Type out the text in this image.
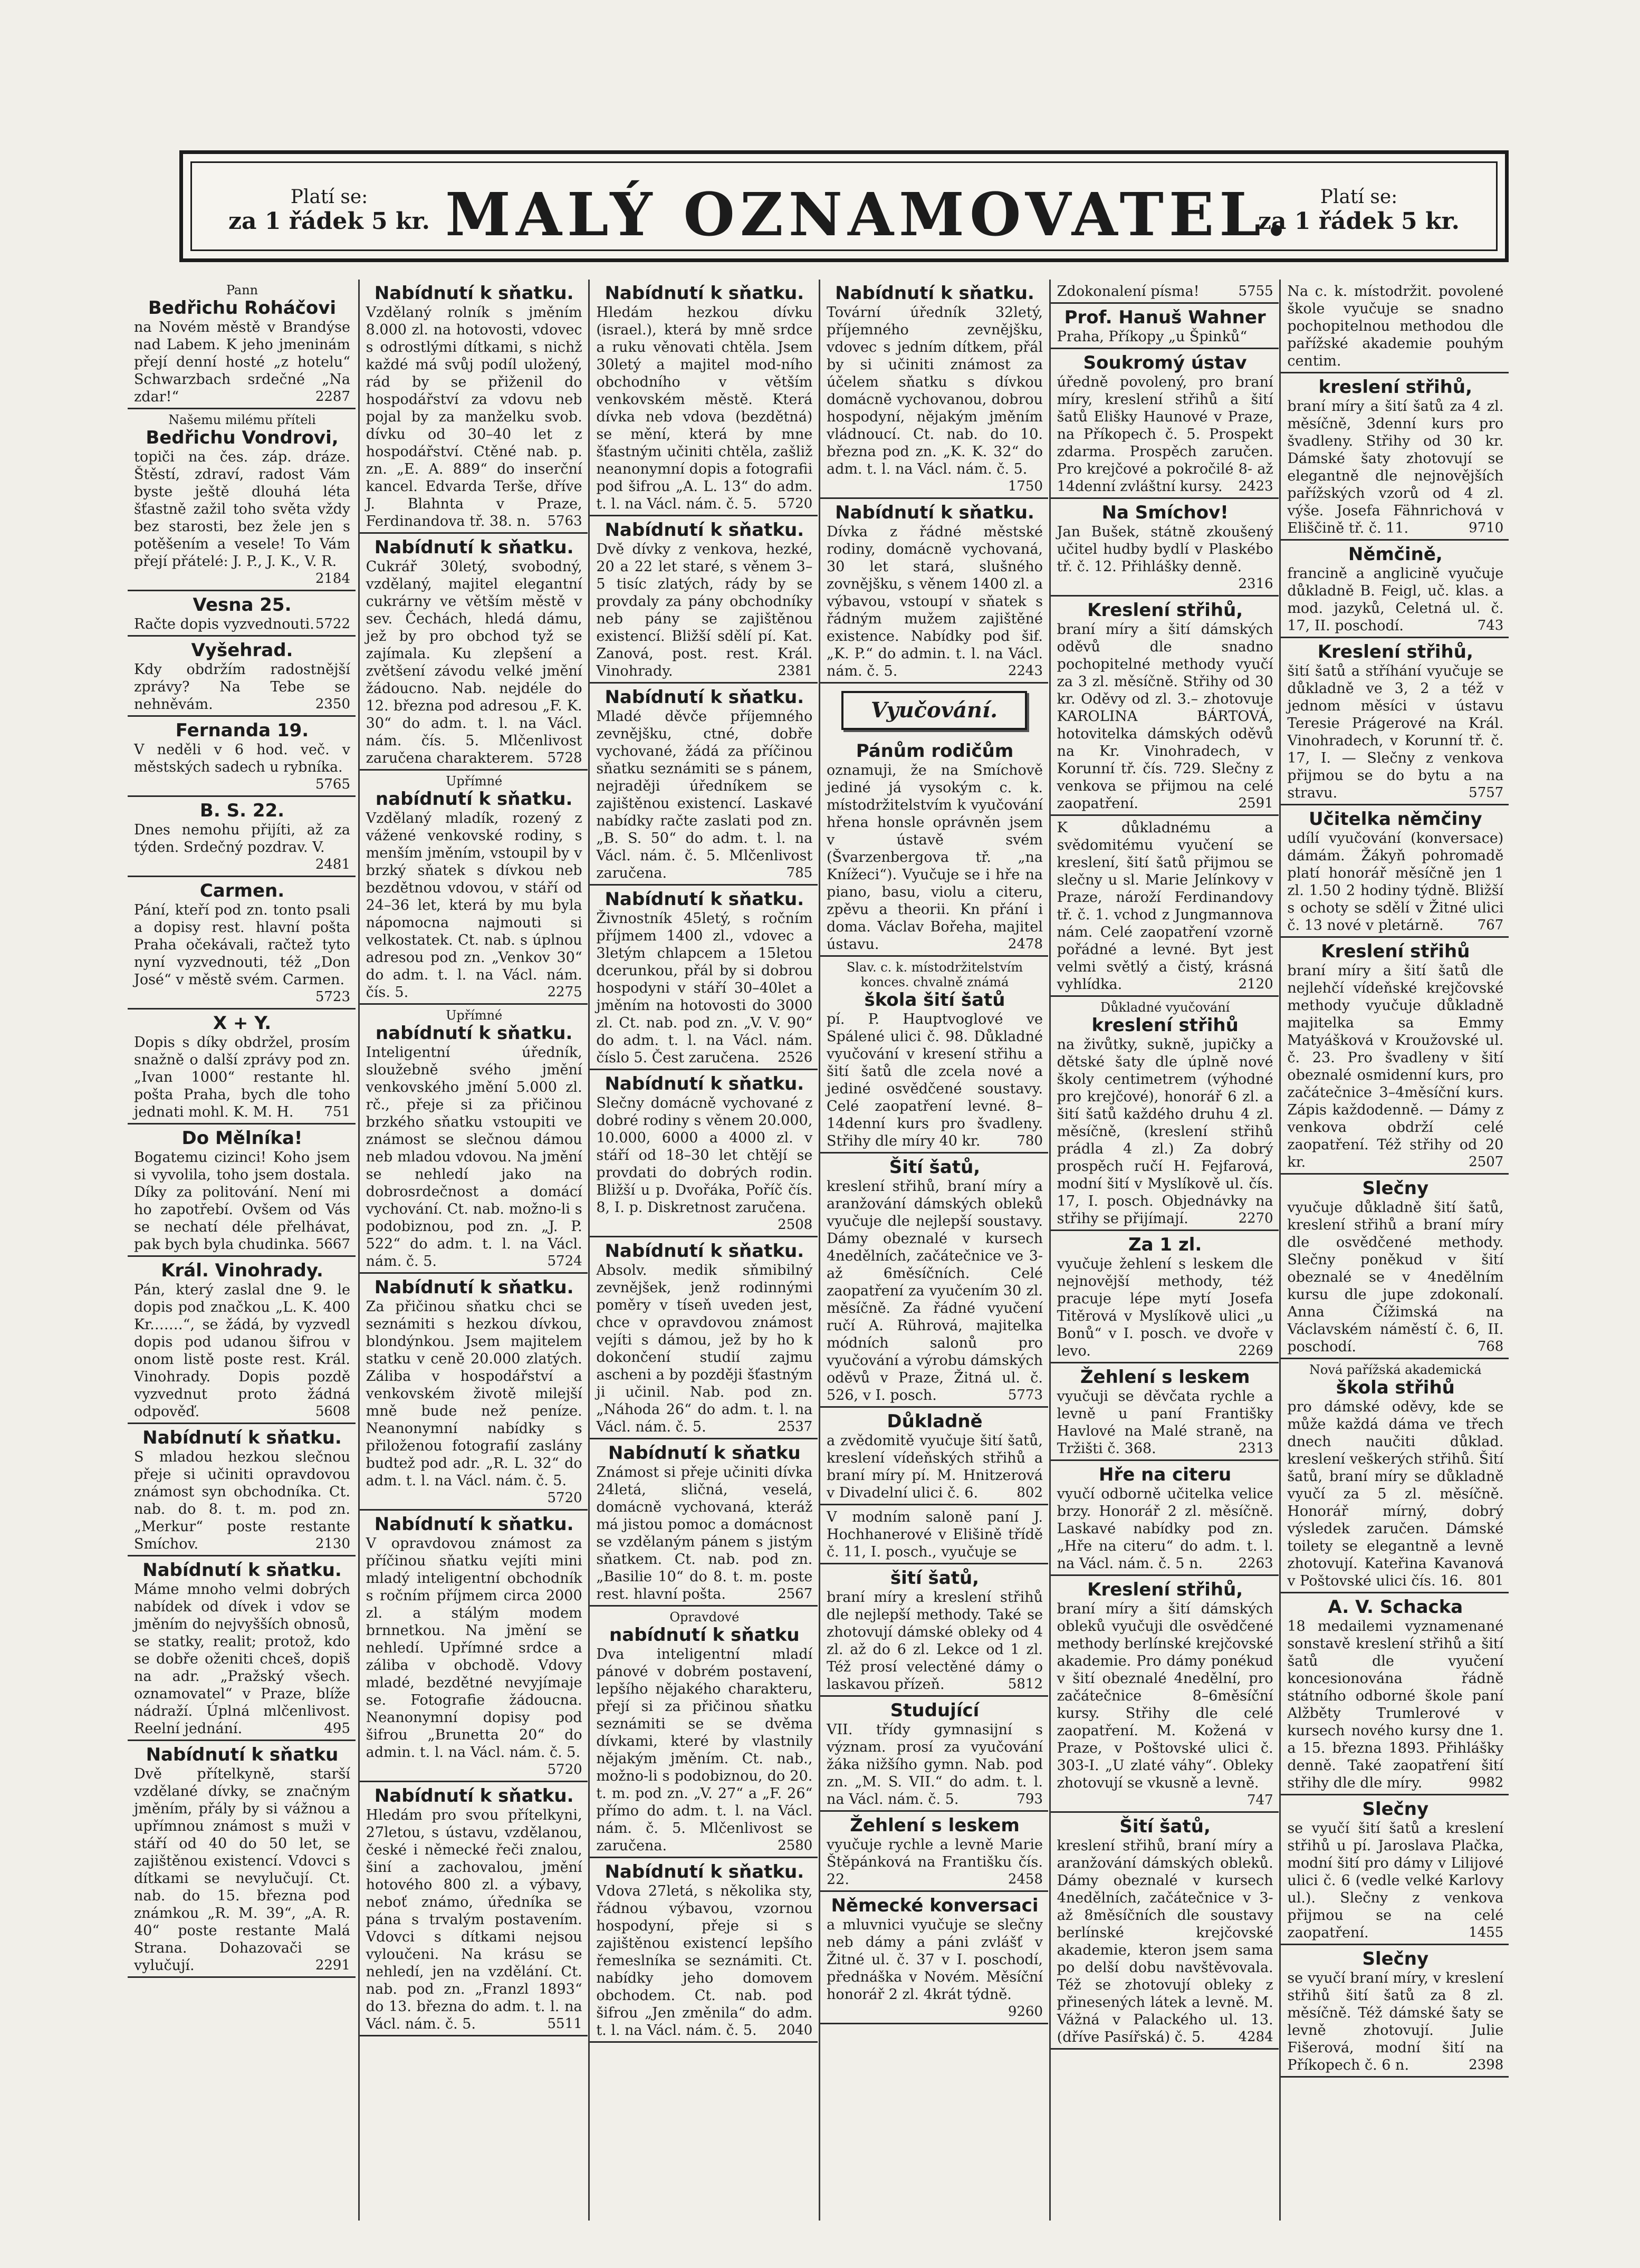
Platí se:
za 1 řádek 5 kr. MALÝ OZNAMOVATEL.	Platí se:
za 1 řádek 5 kr.
Pann
Bedřichu Roháčovi
na Novém městě v Brandýse nad Labem. K jeho jmeninám přejí denní hosté „z hotelu“ Schwarzbach srdečné „Na zdar!“	2287
Našemu milému příteli
Bedřichu Vondrovi,
topiči na čes. záp. dráze. Štěstí, zdraví, radost Vám byste ještě dlouhá léta šťastně zažil toho světa vždy bez starosti, bez žele jen s potěšením a vesele! To Vám přejí přátelé: J. P., J. K., V. R.
2184
Vesna 25.
Račte dopis vyzvednouti. 5722
Vyšehrad.
Kdy obdržím radostnější zprávy? Na Tebe se nehněvám.	2350
Fernanda 19.
V neděli v 6 hod. več. v městských sadech u rybníka.
5765
B. S. 22.
Dnes nemohu přijíti, až za týden. Srdečný pozdrav. V.
2481
Carmen.
Pání, kteří pod zn. tonto psali a dopisy rest. hlavní pošta Praha očekávali, račtež tyto nyní vyzvednouti, též „Don José“ v městě svém. Carmen.
5723
X + Y.
Dopis s díky obdržel, prosím snažně o další zprávy pod zn. „Ivan 1000“ restante hl. pošta Praha, bych dle toho jednati mohl. K. M. H. 751
Do Mělníka!
Bogatemu cizinci! Koho jsem si vyvolila, toho jsem dostala. Díky za politování. Není mi ho zapotřebí. Ovšem od Vás se nechatí déle přelhávat, pak bych byla chudinka. 5667
Král. Vinohrady.
Pán, který zaslal dne 9. le dopis pod značkou „L. K. 400 Kr.……“, se žádá, by vyzvedl dopis pod udanou šifrou v onom listě poste rest. Král. Vinohrady. Dopis pozdě vyzvednut proto žádná odpověď.	5608
Nabídnutí k sňatku.
S mladou hezkou slečnou přeje si učiniti opravdovou známost syn obchodníka. Ct. nab. do 8. t. m. pod zn. „Merkur“ poste restante Smíchov.	2130
Nabídnutí k sňatku.
Máme mnoho velmi dobrých nabídek od dívek i vdov se jměním do nejvyšších obnosů, se statky, realit; protož, kdo se dobře oženiti chceš, dopiš na adr. „Pražský všech. oznamovatel“ v Praze, blíže nádraží. Úplná mlčenlivost. Reelní jednání.	495
Nabídnutí k sňatku
Dvě přítelkyně, starší vzdělané dívky, se značným jměním, přály by si vážnou a upřímnou známost s muži v stáří od 40 do 50 let, se zajištěnou existencí. Vdovci s dítkami se nevylučují. Ct. nab. do 15. března pod známkou „R. M. 39“, „A. R. 40“ poste restante Malá Strana. Dohazovači se vylučují.	2291
Nabídnutí k sňatku.
Vzdělaný rolník s jměním 8.000 zl. na hotovosti, vdovec s odrostlými dítkami, s nichž každé má svůj podíl uložený, rád by se přiženil do hospodářství za vdovu neb pojal by za manželku svob. dívku od 30–40 let z hospodářství. Ctěné nab. p. zn. „E. A. 889“ do inserční kancel. Edvarda Terše, dříve J. Blahnta v Praze, Ferdinandova tř. 38. n. 5763
Nabídnutí k sňatku.
Cukrář 30letý, svobodný, vzdělaný, majitel elegantní cukrárny ve větším městě v sev. Čechách, hledá dámu, jež by pro obchod tyž se zajímala. Ku zlepšení a zvětšení závodu velké jmění žádoucno. Nab. nejdéle do 12. března pod adresou „F. K. 30“ do adm. t. l. na Václ. nám. čís. 5. Mlčenlivost zaručena charakterem. 5728
Upřímné
nabídnutí k sňatku.
Vzdělaný mladík, rozený z vážené venkovské rodiny, s menším jměním, vstoupil by v brzký sňatek s dívkou neb bezdětnou vdovou, v stáří od 24–36 let, která by mu byla nápomocna najmouti si velkostatek. Ct. nab. s úplnou adresou pod zn. „Venkov 30“ do adm. t. l. na Václ. nám. čís. 5.	2275
Upřímné
nabídnutí k sňatku.
Inteligentní úředník, sloužebně svého jmění venkovského jmění 5.000 zl. rč., přeje si za přičinou brzkého sňatku vstoupiti ve známost se slečnou dámou neb mladou vdovou. Na jmění se nehledí jako na dobrosrdečnost a domácí vychování. Ct. nab. možno-li s podobiznou, pod zn. „J. P. 522“ do adm. t. l. na Václ. nám. č. 5.	5724
Nabídnutí k sňatku.
Za přičinou sňatku chci se seznámiti s hezkou dívkou, blondýnkou. Jsem majitelem statku v ceně 20.000 zlatých. Záliba v hospodářství a venkovském životě milejší mně bude než peníze. Neanonymní nabídky s přiloženou fotografií zaslány budtež pod adr. „R. L. 32“ do adm. t. l. na Václ. nám. č. 5.
5720
Nabídnutí k sňatku.
V opravdovou známost za příčinou sňatku vejíti mini mladý inteligentní obchodník s ročním příjmem circa 2000 zl. a stálým modem brnnetkou. Na jmění se nehledí. Upřímné srdce a záliba v obchodě. Vdovy mladé, bezdětné nevyjímaje se. Fotografie žádoucna. Neanonymní dopisy pod šifrou „Brunetta 20“ do admin. t. l. na Václ. nám. č. 5.
5720
Nabídnutí k sňatku.
Hledám pro svou přítelkyni, 27letou, s ústavu, vzdělanou, české i německé řeči znalou, šiní a zachovalou, jmění hotového 800 zl. a výbavy, neboť známo, úředníka se pána s trvalým postavením. Vdovci s dítkami nejsou vyloučeni. Na krásu se nehledí, jen na vzdělání. Ct. nab. pod zn. „Franzl 1893“ do 13. března do adm. t. l. na Václ. nám. č. 5.	5511
Nabídnutí k sňatku.
Hledám hezkou dívku (israel.), která by mně srdce a ruku věnovati chtěla. Jsem 30letý a majitel mod-ního obchodního v větším venkovském městě. Která dívka neb vdova (bezdětná) se mění, která by mne šťastným učiniti chtěla, zašliž neanonymní dopis a fotografii pod šifrou „A. L. 13“ do adm. t. l. na Václ. nám. č. 5. 5720
Nabídnutí k sňatku.
Dvě dívky z venkova, hezké, 20 a 22 let staré, s věnem 3–5 tisíc zlatých, rády by se provdaly za pány obchodníky neb pány se zajištěnou existencí. Bližší sdělí pí. Kat. Zanová, post. rest. Král. Vinohrady.	2381
Nabídnutí k sňatku.
Mladé děvče příjemného zevnějšku, ctné, dobře vychované, žádá za příčinou sňatku seznámiti se s pánem, nejraději úředníkem se zajištěnou existencí. Laskavé nabídky račte zaslati pod zn. „B. S. 50“ do adm. t. l. na Václ. nám. č. 5. Mlčenlivost zaručena.	785
Nabídnutí k sňatku.
Živnostník 45letý, s ročním příjmem 1400 zl., vdovec a 3letým chlapcem a 15letou dcerunkou, přál by si dobrou hospodyni v stáří 30–40let a jměním na hotovosti do 3000 zl. Ct. nab. pod zn. „V. V. 90“ do adm. t. l. na Václ. nám. číslo 5. Čest zaručena. 2526
Nabídnutí k sňatku.
Slečny domácně vychované z dobré rodiny s věnem 20.000, 10.000, 6000 a 4000 zl. v stáří od 18–30 let chtějí se provdati do dobrých rodin. Bližší u p. Dvořáka, Poříč čís. 8, I. p. Diskretnost zaručena.
2508
Nabídnutí k sňatku.
Absolv. medik sňmibilný zevnějšek, jenž rodinnými poměry v tíseň uveden jest, chce v opravdovou známost vejíti s dámou, jež by ho k dokončení studií zajmu ascheni a by později šťastným ji učinil. Nab. pod zn. „Náhoda 26“ do adm. t. l. na Václ. nám. č. 5.	2537
Nabídnutí k sňatku
Známost si přeje učiniti dívka 24letá, sličná, veselá, domácně vychovaná, kteráž má jistou pomoc a domácnost se vzdělaným pánem s jistým sňatkem. Ct. nab. pod zn. „Basilie 10“ do 8. t. m. poste rest. hlavní pošta.	2567
Opravdové
nabídnutí k sňatku
Dva inteligentní mladí pánové v dobrém postavení, lepšího nějakého charakteru, přejí si za přičinou sňatku seznámiti se se dvěma dívkami, které by vlastnily nějakým jměním. Ct. nab., možno-li s podobiznou, do 20. t. m. pod zn. „V. 27“ a „F. 26“ přímo do adm. t. l. na Václ. nám. č. 5. Mlčenlivost se zaručena.	2580
Nabídnutí k sňatku.
Vdova 27letá, s několika sty, řádnou výbavou, vzornou hospodyní, přeje si s zajištěnou existencí lepšího řemeslníka se seznámiti. Ct. nabídky jeho domovem obchodem. Ct. nab. pod šifrou „Jen změnila“ do adm. t. l. na Václ. nám. č. 5. 2040
Nabídnutí k sňatku.
Tovární úředník 32letý, příjemného zevnějšku, vdovec s jedním dítkem, přál by si učiniti známost za účelem sňatku s dívkou domácně vychovanou, dobrou hospodyní, nějakým jměním vládnoucí. Ct. nab. do 10. března pod zn. „K. K. 32“ do adm. t. l. na Václ. nám. č. 5.
1750
Nabídnutí k sňatku.
Dívka z řádné městské rodiny, domácně vychovaná, 30 let stará, slušného zovnějšku, s věnem 1400 zl. a výbavou, vstoupí v sňatek s řádným mužem zajištěné existence. Nabídky pod šif. „K. P.“ do admin. t. l. na Václ. nám. č. 5.	2243
Vyučování.
Pánům rodičům
oznamuji, že na Smíchově jediné já vysokým c. k. místodržitelstvím k vyučování hřena honsle oprávněn jsem v ústavě svém (Švarzenbergova tř. „na Knížeci“). Vyučuje se i hře na piano, basu, violu a citeru, zpěvu a theorii. Kn přání i doma. Václav Bořeha, majitel ústavu.	2478
Slav. c. k. místodržitelstvím konces. chvalně známá
škola šití šatů
pí. P. Hauptvoglové ve Spálené ulici č. 98. Důkladné vyučování v kresení střihu a šití šatů dle zcela nové a jediné osvědčené soustavy. Celé zaopatření levné. 8–14denní kurs pro švadleny. Střihy dle míry 40 kr.	780
Šití šatů,
kreslení střihů, braní míry a aranžování dámských obleků vyučuje dle nejlepší soustavy. Dámy obeznalé v kursech 4nedělních, začátečnice ve 3- až 6měsíčních. Celé zaopatření za vyučením 30 zl. měsíčně. Za řádné vyučení ručí A. Rührová, majitelka módních salonů pro vyučování a výrobu dámských oděvů v Praze, Žitná ul. č. 526, v I. posch.	5773
Důkladně
a zvědomitě vyučuje šití šatů, kreslení vídeňských střihů a braní míry pí. M. Hnitzerová v Divadelní ulici č. 6.	802
V modním saloně paní J. Hochhanerové v Elišině třídě č. 11, I. posch., vyučuje se
šití šatů,
braní míry a kreslení střihů dle nejlepší methody. Také se zhotovují dámské obleky od 4 zl. až do 6 zl. Lekce od 1 zl. Též prosí velectěné dámy o laskavou přízeň.	5812
Studující
VII. třídy gymnasijní s význam. prosí za vyučování žáka nižšího gymn. Nab. pod zn. „M. S. VII.“ do adm. t. l. na Václ. nám. č. 5.	793
Žehlení s leskem
vyučuje rychle a levně Marie Štěpánková na Františku čís. 22.	2458
Německé konversaci
a mluvnici vyučuje se slečny neb dámy a páni zvlášť v Žitné ul. č. 37 v I. poschodí, přednáška v Novém. Měsíční honorář 2 zl. 4krát týdně.
9260
Zdokonalení písma!	5755
Prof. Hanuš Wahner
Praha, Příkopy „u Špinků“
Soukromý ústav
úředně povolený, pro braní míry, kreslení střihů a šití šatů Elišky Haunové v Praze, na Příkopech č. 5. Prospekt zdarma. Prospěch zaručen. Pro krejčové a pokročilé 8- až 14denní zvláštní kursy. 2423
Na Smíchov!
Jan Bušek, státně zkoušený učitel hudby bydlí v Plaskébo tř. č. 12. Přihlášky denně.
2316
Kreslení střihů,
braní míry a šití dámských oděvů dle snadno pochopitelné methody vyučí za 3 zl. měsíčně. Střihy od 30 kr. Oděvy od zl. 3.– zhotovuje KAROLINA BÁRTOVÁ, hotovitelka dámských oděvů na Kr. Vinohradech, v Korunní tř. čís. 729. Slečny z venkova se přijmou na celé zaopatření.	2591
K důkladnému a svědomitému vyučení se kreslení, šití šatů přijmou se slečny u sl. Marie Jelínkovy v Praze, nároží Ferdinandovy tř. č. 1. vchod z Jungmannova nám. Celé zaopatření vzorně pořádné a levné. Byt jest velmi světlý a čistý, krásná vyhlídka.	2120
Důkladné vyučování
kreslení střihů
na živůtky, sukně, jupičky a dětské šaty dle úplně nové školy centimetrem (výhodné pro krejčové), honorář 6 zl. a šití šatů každého druhu 4 zl. měsíčně, (kreslení střihů prádla 4 zl.) Za dobrý prospěch ručí H. Fejfarová, modní šití v Myslíkově ul. čís. 17, I. posch. Objednávky na střihy se přijímají.	2270
Za 1 zl.
vyučuje žehlení s leskem dle nejnovější methody, též pracuje lépe mytí Josefa Titěrová v Myslíkově ulici „u Bonů“ v I. posch. ve dvoře v levo.	2269
Žehlení s leskem
vyučuji se děvčata rychle a levně u paní Františky Havlové na Malé straně, na Tržišti č. 368.	2313
Hře na citeru
vyučí odborně učitelka velice brzy. Honorář 2 zl. měsíčně. Laskavé nabídky pod zn. „Hře na citeru“ do adm. t. l. na Václ. nám. č. 5 n.	2263
Kreslení střihů,
braní míry a šití dámských obleků vyučuji dle osvědčené methody berlínské krejčovské akademie. Pro dámy ponékud v šití obeznalé 4nedělní, pro začátečnice 8–6měsíční kursy. Střihy dle celé zaopatření. M. Kožená v Praze, v Poštovské ulici č. 303-I. „U zlaté váhy“. Obleky zhotovují se vkusně a levně.
747
Šití šatů,
kreslení střihů, braní míry a aranžování dámských obleků. Dámy obeznalé v kursech 4nedělních, začátečnice v 3- až 8měsíčních dle soustavy berlínské krejčovské akademie, kteron jsem sama po delší dobu navštěvovala. Též se zhotovují obleky z přinesených látek a levně. M. Vážná v Palackého ul. 13. (dříve Pasířská) č. 5. 4284
Na c. k. místodržit. povolené škole vyučuje se snadno pochopitelnou methodou dle pařížské akademie pouhým centim.
kreslení střihů,
braní míry a šití šatů za 4 zl. měsíčně, 3denní kurs pro švadleny. Střihy od 30 kr. Dámské šaty zhotovují se elegantně dle nejnovějších pařížských vzorů od 4 zl. výše. Josefa Fähnrichová v Eliščině tř. č. 11.	9710
Němčině,
francině a anglicině vyučuje důkladně B. Feigl, uč. klas. a mod. jazyků, Celetná ul. č. 17, II. poschodí.	743
Kreslení střihů,
šití šatů a stříhání vyučuje se důkladně ve 3, 2 a též v jednom měsíci v ústavu Teresie Prágerové na Král. Vinohradech, v Korunní tř. č. 17, I. — Slečny z venkova přijmou se do bytu a na stravu.	5757
Učitelka němčiny
udílí vyučování (konversace) dámám. Žákyň pohromadě platí honorář měsíčně jen 1 zl. 1.50 2 hodiny týdně. Bližší s ochoty se sdělí v Žitné ulici č. 13 nové v pletárně. 767
Kreslení střihů
braní míry a šití šatů dle nejlehčí vídeňské krejčovské methody vyučuje důkladně majitelka sa Emmy Matyášková v Kroužovské ul. č. 23. Pro švadleny v šití obeznalé osmidenní kurs, pro začátečnice 3–4měsíční kurs. Zápis každodenně. — Dámy z venkova obdrží celé zaopatření. Též střihy od 20 kr.	2507
Slečny
vyučuje důkladně šití šatů, kreslení střihů a braní míry dle osvědčené methody. Slečny poněkud v šití obeznalé se v 4nedělním kursu dle jupe zdokonalí. Anna Čížimská na Václavském náměstí č. 6, II. poschodí.	768
Nová pařížská akademická
škola střihů
pro dámské oděvy, kde se může každá dáma ve třech dnech naučiti důklad. kreslení veškerých střihů. Šití šatů, braní míry se důkladně vyučí za 5 zl. měsíčně. Honorář mírný, dobrý výsledek zaručen. Dámské toilety se elegantně a levně zhotovují. Kateřina Kavanová v Poštovské ulici čís. 16. 801
A. V. Schacka
18 medailemi vyznamenané sonstavě kreslení střihů a šití šatů dle vyučení koncesionována řádně státního odborné škole paní Alžběty Trumlerové v kursech nového kursy dne 1. a 15. března 1893. Přihlášky denně. Také zaopatření šití střihy dle dle míry.	9982
Slečny
se vyučí šití šatů a kreslení střihů u pí. Jaroslava Plačka, modní šití pro dámy v Lilijové ulici č. 6 (vedle velké Karlovy ul.). Slečny z venkova přijmou se na celé zaopatření.	1455
Slečny
se vyučí braní míry, v kreslení střihů šití šatů za 8 zl. měsíčně. Též dámské šaty se levně zhotovují. Julie Fišerová, modní šití na Příkopech č. 6 n.	2398
